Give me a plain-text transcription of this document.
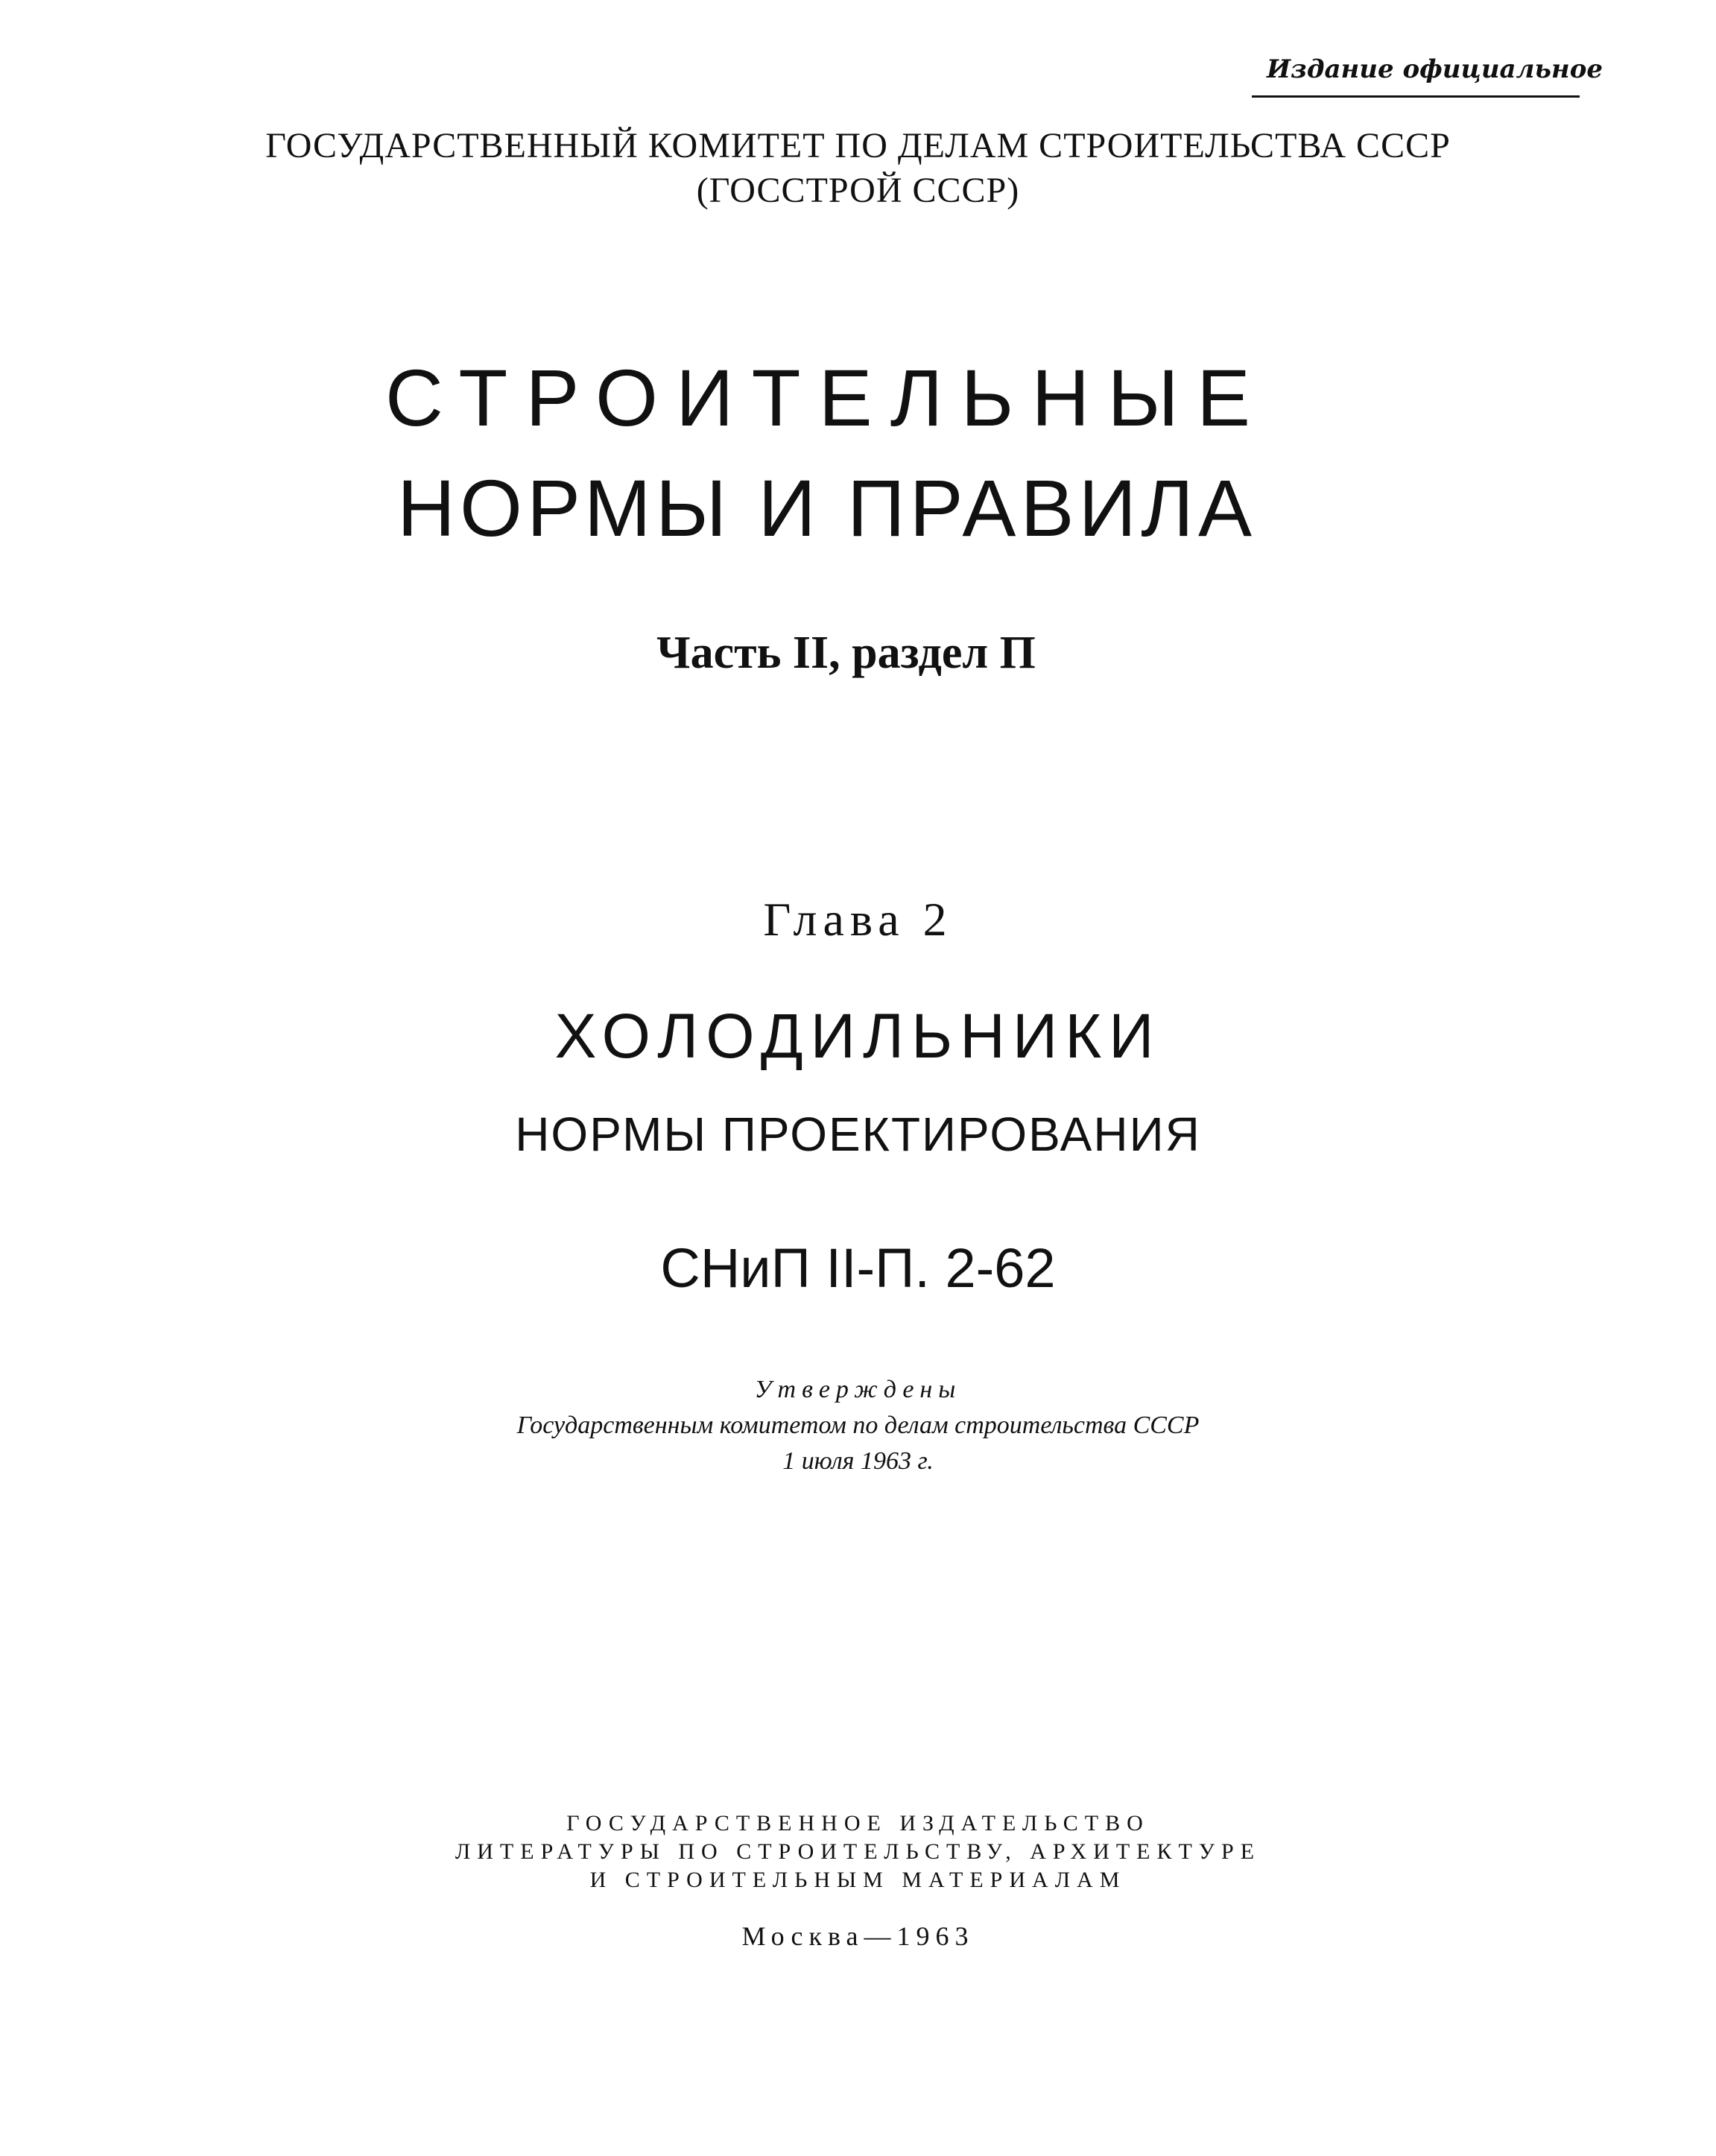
Издание официальное
ГОСУДАРСТВЕННЫЙ КОМИТЕТ ПО ДЕЛАМ СТРОИТЕЛЬСТВА СССР
(ГОССТРОЙ СССР)
СТРОИТЕЛЬНЫЕ
НОРМЫ И ПРАВИЛА
Часть II, раздел П
Глава 2
ХОЛОДИЛЬНИКИ
НОРМЫ ПРОЕКТИРОВАНИЯ
СНиП II-П. 2-62
Утверждены
Государственным комитетом по делам строительства СССР
1 июля 1963 г.
ГОСУДАРСТВЕННОЕ ИЗДАТЕЛЬСТВО
ЛИТЕРАТУРЫ ПО СТРОИТЕЛЬСТВУ, АРХИТЕКТУРЕ
И СТРОИТЕЛЬНЫМ МАТЕРИАЛАМ
Москва—1963
